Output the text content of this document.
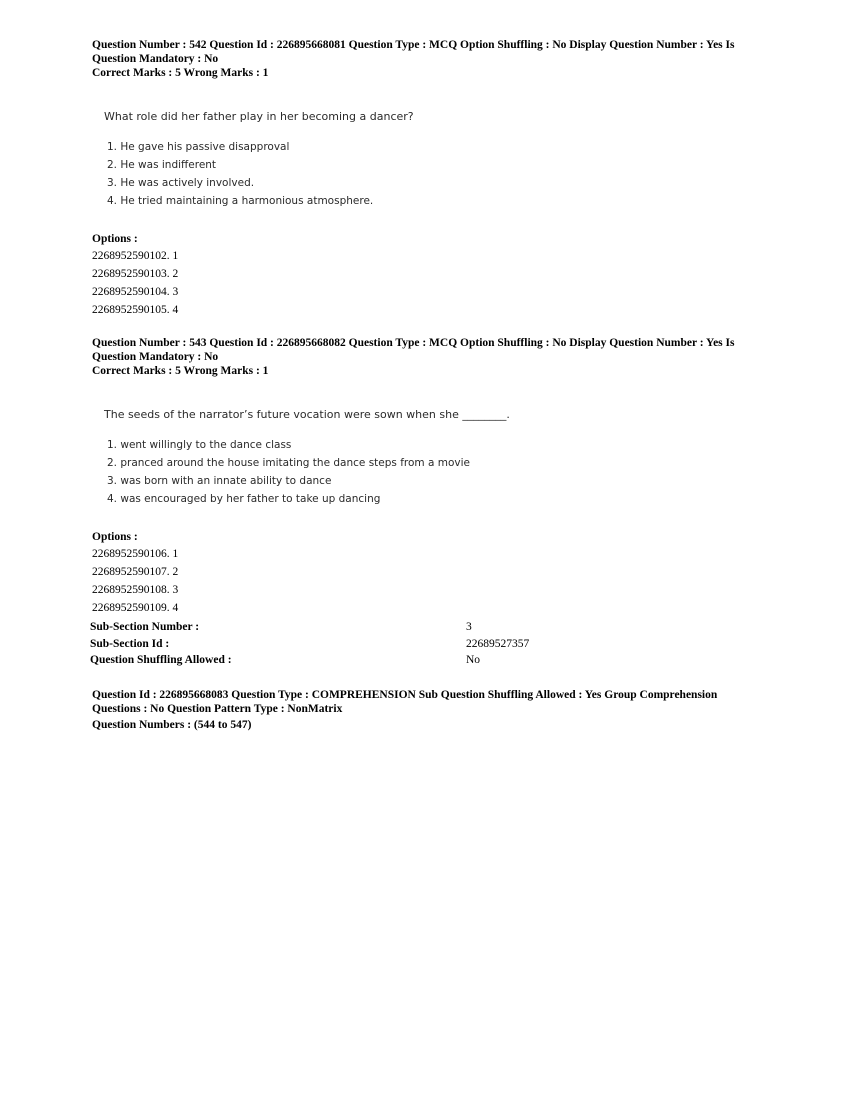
Question Number : 542 Question Id : 226895668081 Question Type : MCQ Option Shuffling : No Display Question Number : Yes Is
Question Mandatory : No
Correct Marks : 5 Wrong Marks : 1
What role did her father play in her becoming a dancer?
1. He gave his passive disapproval
2. He was indifferent
3. He was actively involved.
4. He tried maintaining a harmonious atmosphere.
Options :
2268952590102. 1
2268952590103. 2
2268952590104. 3
2268952590105. 4
Question Number : 543 Question Id : 226895668082 Question Type : MCQ Option Shuffling : No Display Question Number : Yes Is
Question Mandatory : No
Correct Marks : 5 Wrong Marks : 1
The seeds of the narrator’s future vocation were sown when she ________.
1. went willingly to the dance class
2. pranced around the house imitating the dance steps from a movie
3. was born with an innate ability to dance
4. was encouraged by her father to take up dancing
Options :
2268952590106. 1
2268952590107. 2
2268952590108. 3
2268952590109. 4
Sub-Section Number :	3
Sub-Section Id :	22689527357
Question Shuffling Allowed :	No
Question Id : 226895668083 Question Type : COMPREHENSION Sub Question Shuffling Allowed : Yes Group Comprehension
Questions : No Question Pattern Type : NonMatrix
Question Numbers : (544 to 547)
